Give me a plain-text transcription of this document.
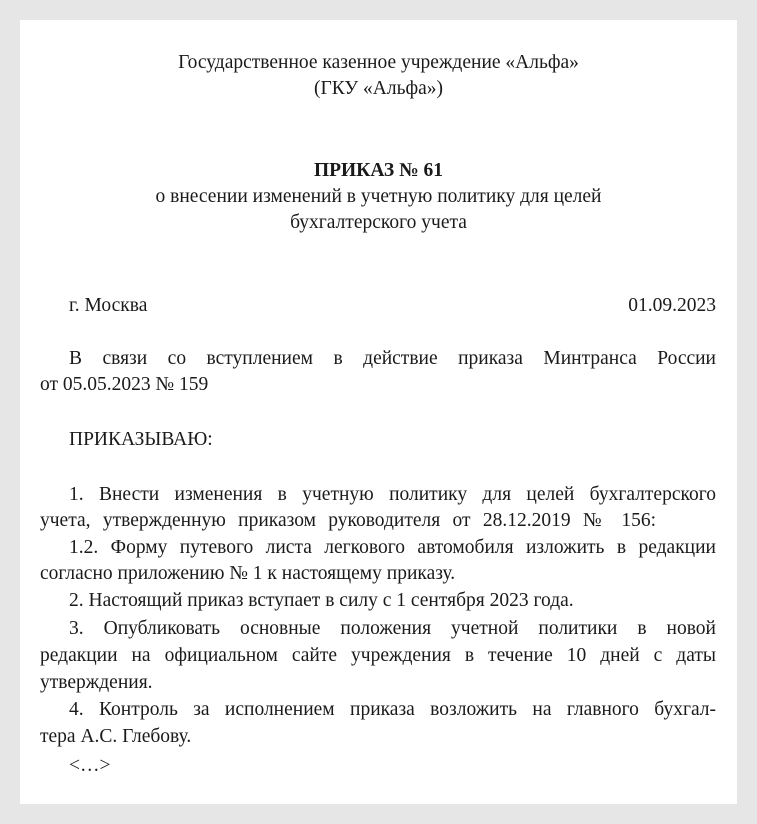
Государственное казенное учреждение «Альфа»

(ГКУ «Альфа»)

ПРИКАЗ № 61

о внесении изменений в учетную политику для целей

бухгалтерского учета

г. Москва	01.09.2023

В связи со вступлением в действие приказа Минтранса России

от 05.05.2023 № 159

ПРИКАЗЫВАЮ:

1. Внести изменения в учетную политику для целей бухгалтерского

учета, утвержденную приказом руководителя от 28.12.2019 № 156:

1.2. Форму путевого листа легкового автомобиля изложить в редакции

согласно приложению № 1 к настоящему приказу.

2. Настоящий приказ вступает в силу с 1 сентября 2023 года.

3. Опубликовать основные положения учетной политики в новой

редакции на официальном сайте учреждения в течение 10 дней с даты

утверждения.

4. Контроль за исполнением приказа возложить на главного бухгал-

тера А.С. Глебову.

<…>
